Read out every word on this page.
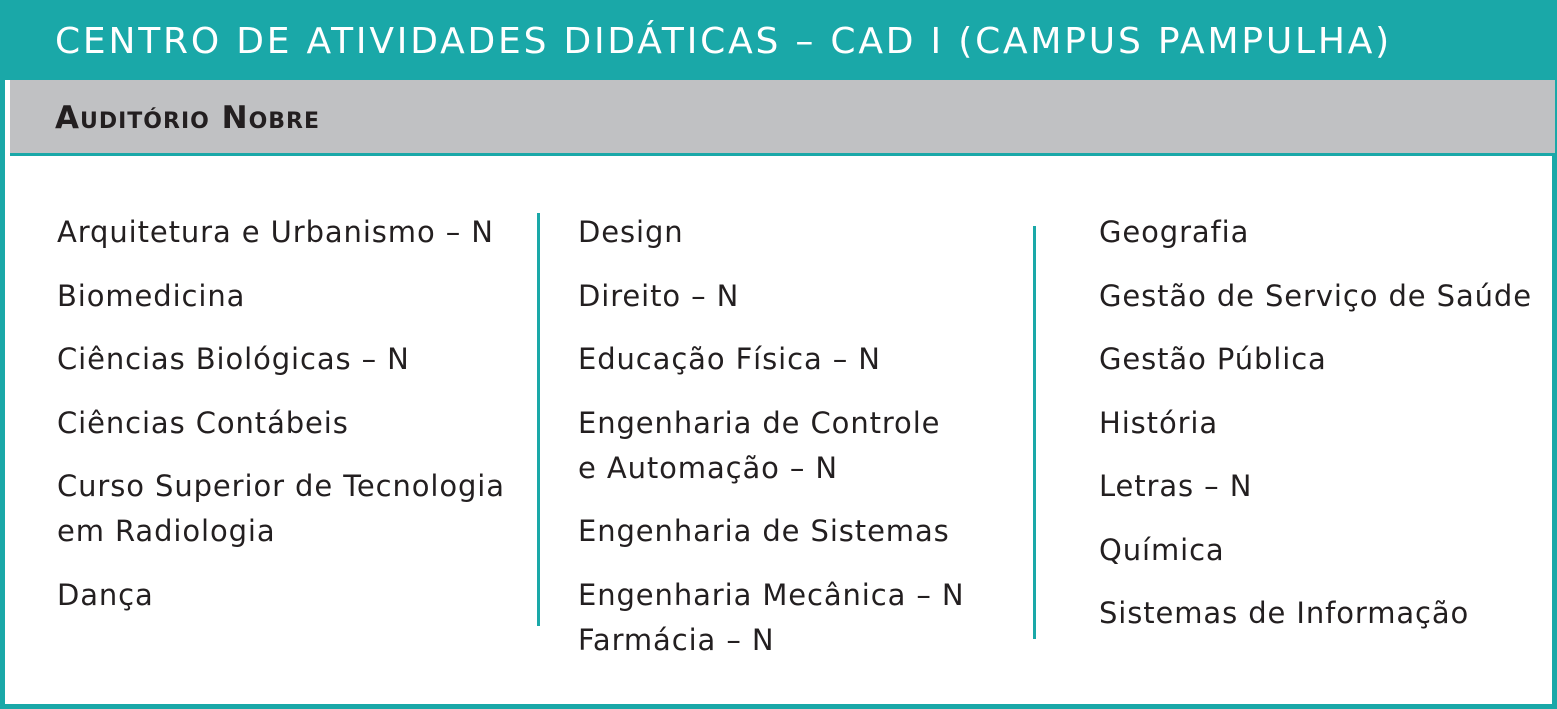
CENTRO DE ATIVIDADES DIDÁTICAS – CAD I (CAMPUS PAMPULHA)
Auditório Nobre
Arquitetura e Urbanismo – N
Biomedicina
Ciências Biológicas – N
Ciências Contábeis
Curso Superior de Tecnologia
em Radiologia
Dança
Design
Direito – N
Educação Física – N
Engenharia de Controle
e Automação – N
Engenharia de Sistemas
Engenharia Mecânica – N
Farmácia – N
Geografia
Gestão de Serviço de Saúde
Gestão Pública
História
Letras – N
Química
Sistemas de Informação
